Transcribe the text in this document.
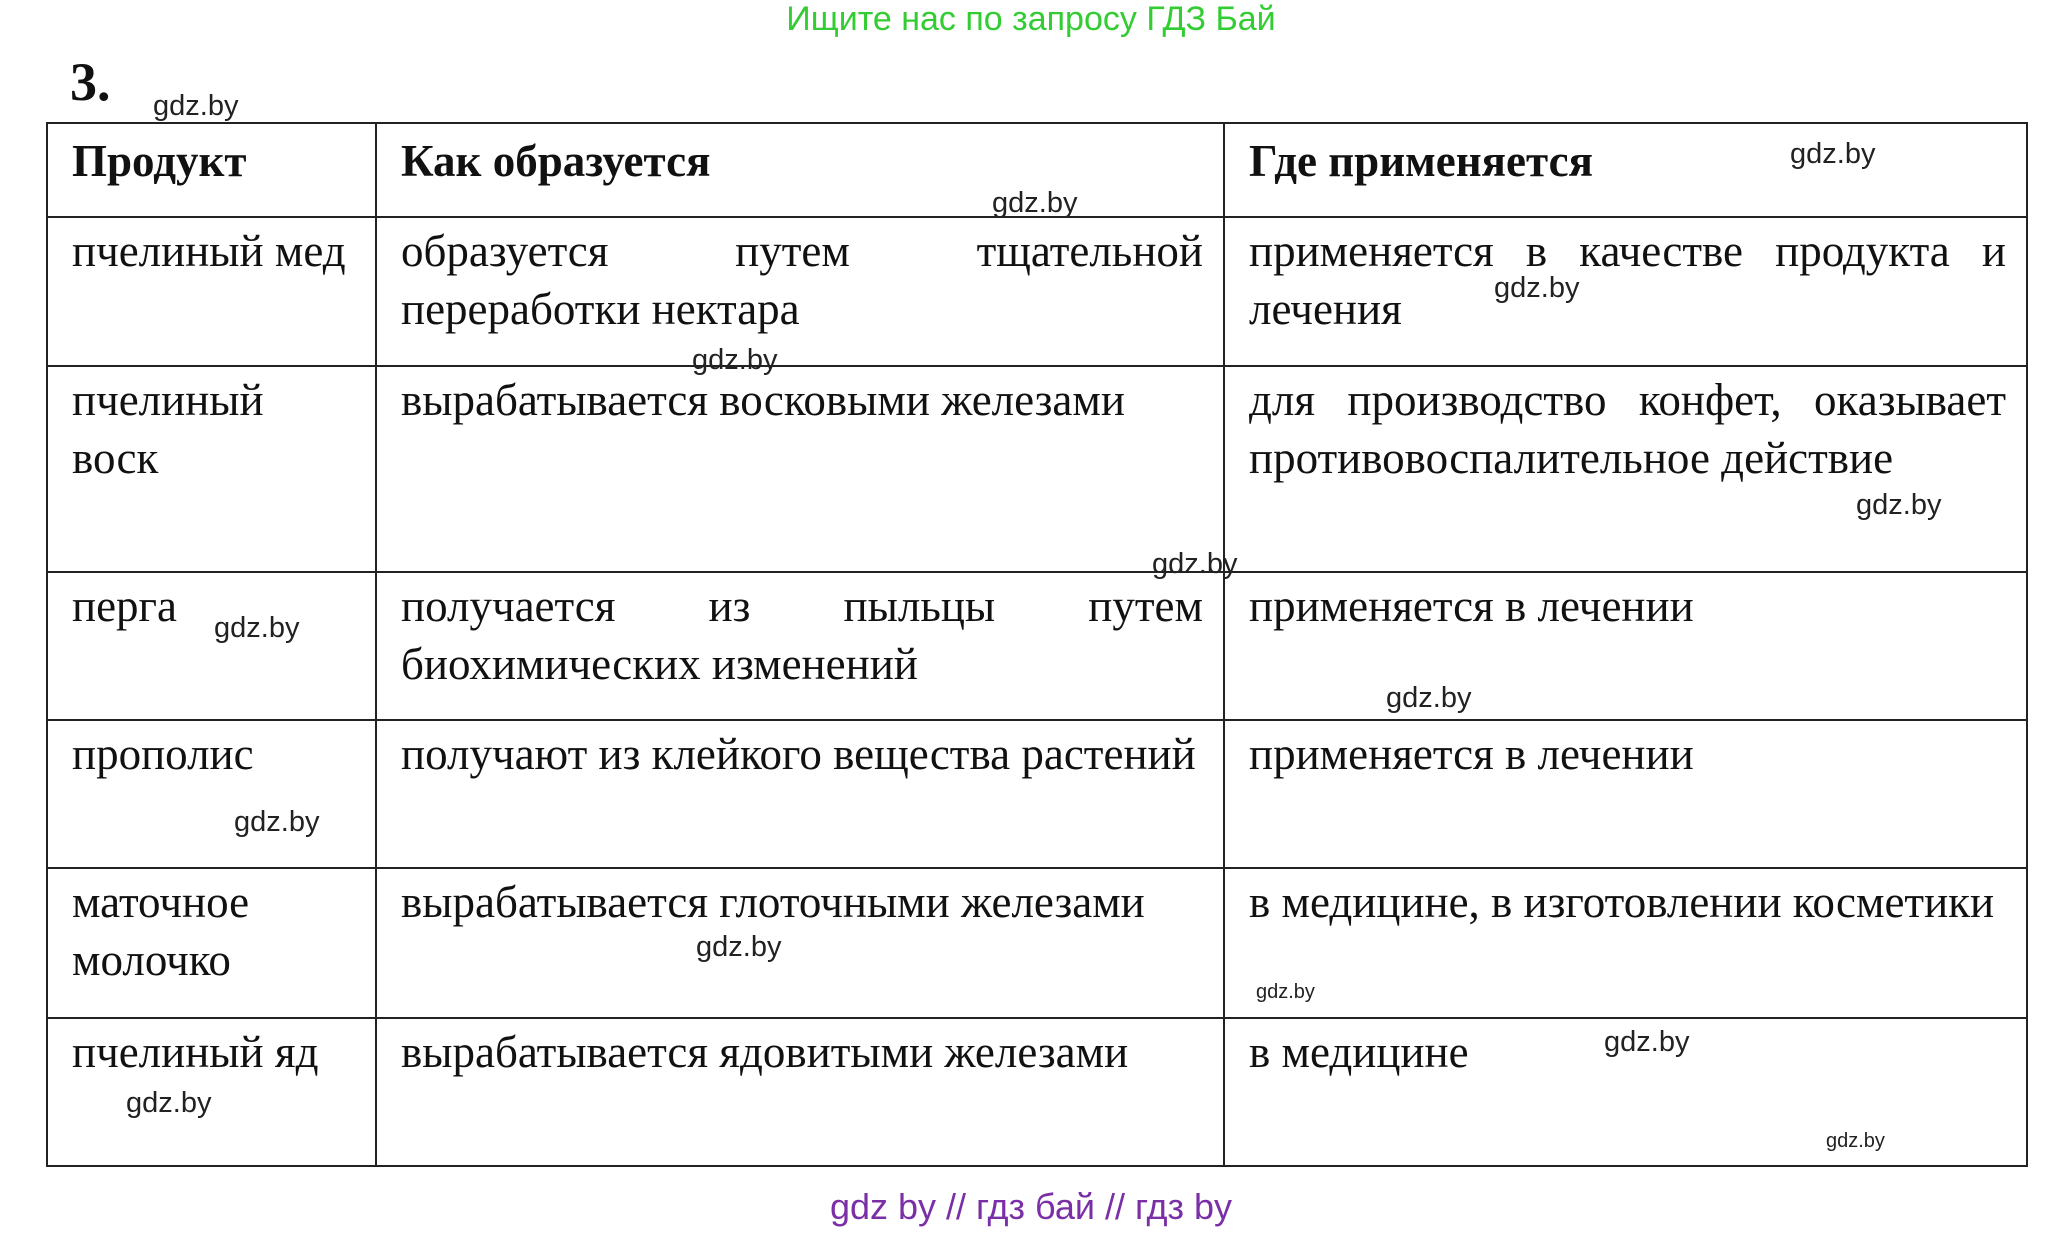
Ищите нас по запросу ГДЗ Бай
3.
Продукт	Как образуется	Где применяется
пчелиный мед	образуется путем тщательной переработки нектара	применяется в качестве продукта и лечения
пчелиный воск	вырабатывается восковыми железами	для производство конфет, оказывает противовоспалительное действие
перга	получается из пыльцы путем биохимических изменений	применяется в лечении
прополис	получают из клейкого вещества растений	применяется в лечении
маточное молочко	вырабатывается глоточными железами	в медицине, в изготовлении косметики
пчелиный яд	вырабатывается ядовитыми железами	в медицине
gdz.by
gdz.by
gdz.by
gdz.by
gdz.by
gdz.by
gdz.by
gdz.by
gdz.by
gdz.by
gdz.by
gdz.by
gdz.by
gdz.by
gdz.by
gdz by // гдз бай // гдз by
